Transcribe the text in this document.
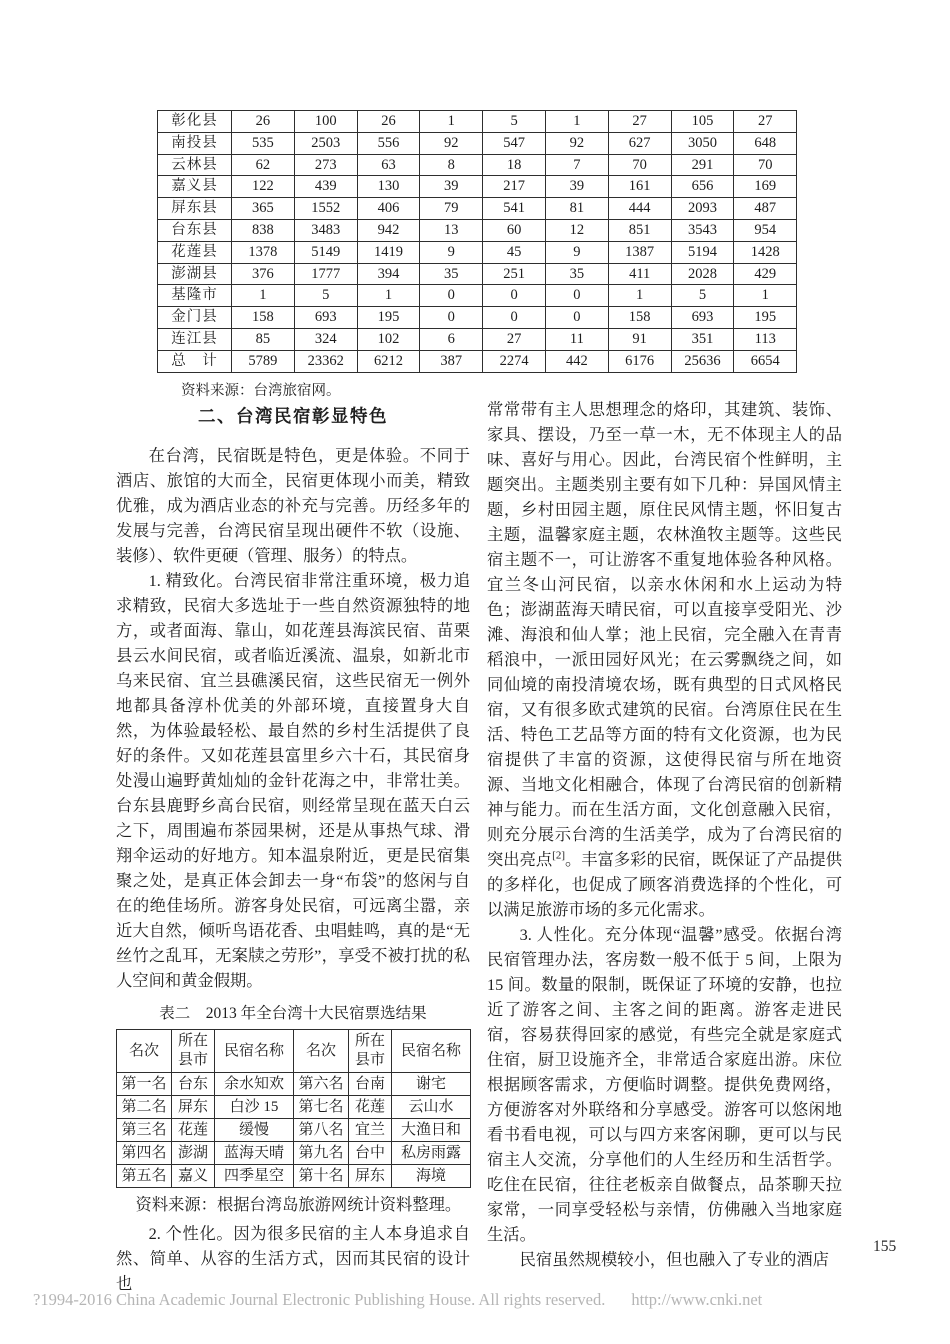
彰化县	26	100	26	1	5	1	27	105	27
南投县	535	2503	556	92	547	92	627	3050	648
云林县	62	273	63	8	18	7	70	291	70
嘉义县	122	439	130	39	217	39	161	656	169
屏东县	365	1552	406	79	541	81	444	2093	487
台东县	838	3483	942	13	60	12	851	3543	954
花莲县	1378	5149	1419	9	45	9	1387	5194	1428
澎湖县	376	1777	394	35	251	35	411	2028	429
基隆市	1	5	1	0	0	0	1	5	1
金门县	158	693	195	0	0	0	158	693	195
连江县	85	324	102	6	27	11	91	351	113
总　计	5789	23362	6212	387	2274	442	6176	25636	6654
资料来源：台湾旅宿网。
二、台湾民宿彰显特色

在台湾，民宿既是特色，更是体验。不同于酒店、旅馆的大而全，民宿更体现小而美，精致优雅，成为酒店业态的补充与完善。历经多年的发展与完善，台湾民宿呈现出硬件不软（设施、装修）、软件更硬（管理、服务）的特点。

1. 精致化。台湾民宿非常注重环境，极力追求精致，民宿大多选址于一些自然资源独特的地方，或者面海、靠山，如花莲县海滨民宿、苗栗县云水间民宿，或者临近溪流、温泉，如新北市乌来民宿、宜兰县礁溪民宿，这些民宿无一例外地都具备淳朴优美的外部环境，直接置身大自然，为体验最轻松、最自然的乡村生活提供了良好的条件。又如花莲县富里乡六十石，其民宿身处漫山遍野黄灿灿的金针花海之中，非常壮美。台东县鹿野乡高台民宿，则经常呈现在蓝天白云之下，周围遍布茶园果树，还是从事热气球、滑翔伞运动的好地方。知本温泉附近，更是民宿集聚之处，是真正体会卸去一身“布袋”的悠闲与自在的绝佳场所。游客身处民宿，可远离尘嚣，亲近大自然，倾听鸟语花香、虫唱蛙鸣，真的是“无丝竹之乱耳，无案牍之劳形”，享受不被打扰的私人空间和黄金假期。

表二　2013 年全台湾十大民宿票选结果
名次	所在县市	民宿名称	名次	所在县市	民宿名称
第一名	台东	余水知欢	第六名	台南	谢宅
第二名	屏东	白沙 15	第七名	花莲	云山水
第三名	花莲	缓慢	第八名	宜兰	大渔日和
第四名	澎湖	蓝海天晴	第九名	台中	私房雨露
第五名	嘉义	四季星空	第十名	屏东	海境

资料来源：根据台湾岛旅游网统计资料整理。

2. 个性化。因为很多民宿的主人本身追求自然、简单、从容的生活方式，因而其民宿的设计也

常常带有主人思想理念的烙印，其建筑、装饰、家具、摆设，乃至一草一木，无不体现主人的品味、喜好与用心。因此，台湾民宿个性鲜明，主题突出。主题类别主要有如下几种：异国风情主题，乡村田园主题，原住民风情主题，怀旧复古主题，温馨家庭主题，农林渔牧主题等。这些民宿主题不一，可让游客不重复地体验各种风格。宜兰冬山河民宿，以亲水休闲和水上运动为特色；澎湖蓝海天晴民宿，可以直接享受阳光、沙滩、海浪和仙人掌；池上民宿，完全融入在青青稻浪中，一派田园好风光；在云雾飘绕之间，如同仙境的南投清境农场，既有典型的日式风格民宿，又有很多欧式建筑的民宿。台湾原住民在生活、特色工艺品等方面的特有文化资源，也为民宿提供了丰富的资源，这使得民宿与所在地资源、当地文化相融合，体现了台湾民宿的创新精神与能力。而在生活方面，文化创意融入民宿，则充分展示台湾的生活美学，成为了台湾民宿的突出亮点[2]。丰富多彩的民宿，既保证了产品提供的多样化，也促成了顾客消费选择的个性化，可以满足旅游市场的多元化需求。

3. 人性化。充分体现“温馨”感受。依据台湾民宿管理办法，客房数一般不低于 5 间，上限为 15 间。数量的限制，既保证了环境的安静，也拉近了游客之间、主客之间的距离。游客走进民宿，容易获得回家的感觉，有些完全就是家庭式住宿，厨卫设施齐全，非常适合家庭出游。床位根据顾客需求，方便临时调整。提供免费网络，方便游客对外联络和分享感受。游客可以悠闲地看书看电视，可以与四方来客闲聊，更可以与民宿主人交流，分享他们的人生经历和生活哲学。吃住在民宿，往往老板亲自做餐点，品茶聊天拉家常，一同享受轻松与亲情，仿佛融入当地家庭生活。

民宿虽然规模较小，但也融入了专业的酒店

155
?1994-2016 China Academic Journal Electronic Publishing House. All rights reserved. http://www.cnki.net
